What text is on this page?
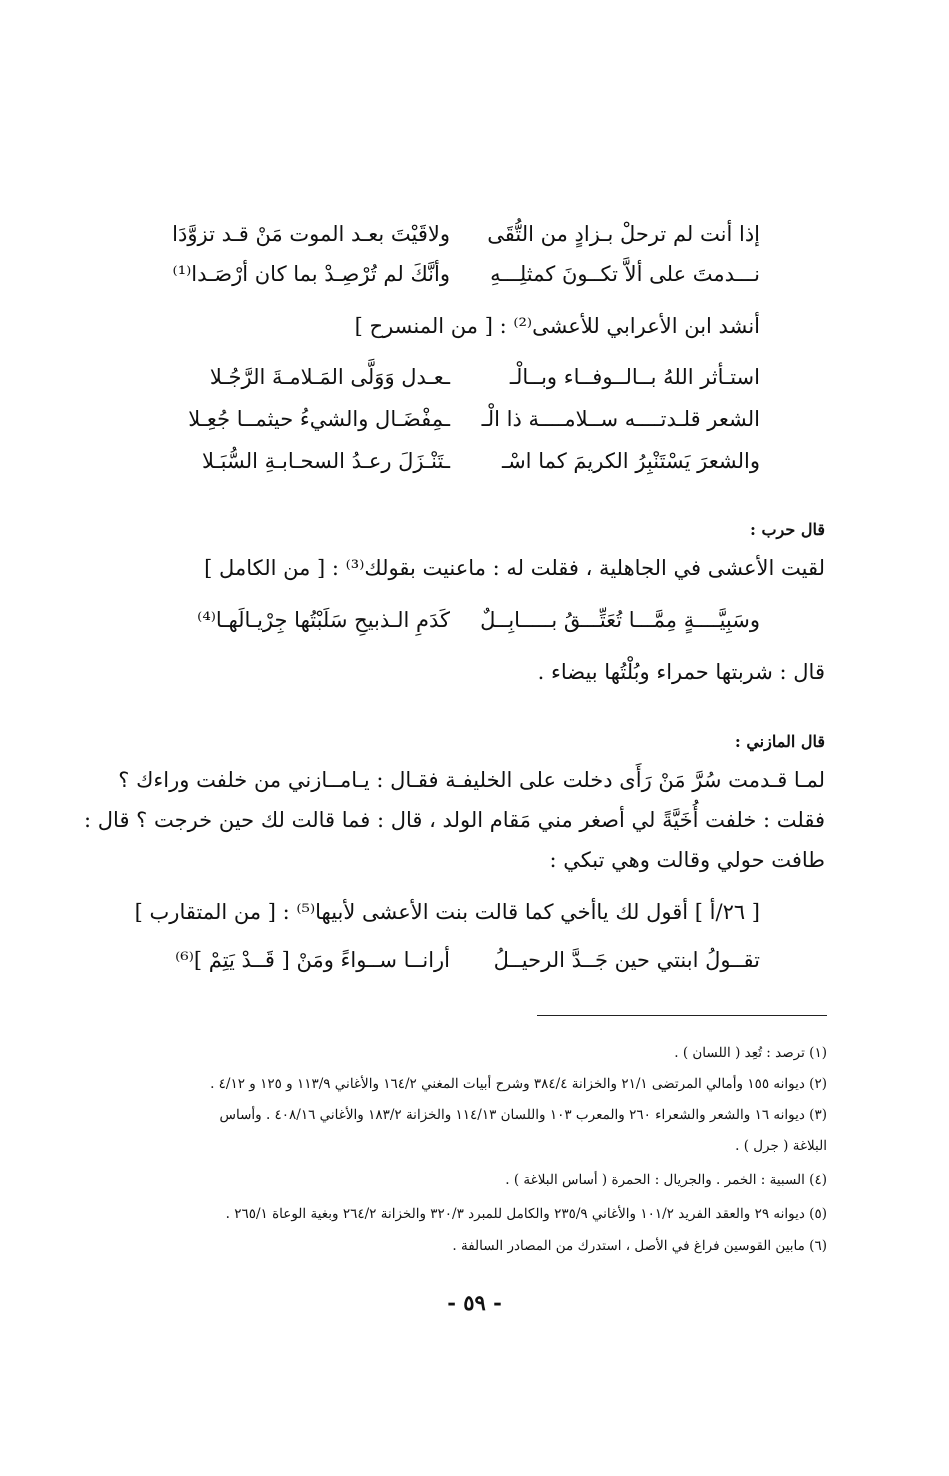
إذا أنت لم ترحلْ بـزادٍ من التُّقَى
ولاقَيْتَ بعـد الموت مَنْ قـد تزوَّدَا
نـــدمتَ على ألاَّ تكــونَ كمثلِـــهِ
وأنَّكَ لم تُرْصِـدْ بما كان أرْصَـدا⁽¹⁾
أنشد ابن الأعرابي للأعشى⁽²⁾ : [ من المنسرح ]
استـأثر اللهُ بــالــوفــاء وبــالْـ
ـعـدل وَوَلَّى المَـلامـةَ الرَّجُـلا
الشعر قلـدتــــه ســلامــــة ذا الْـ
ـمِفْضَـال والشيءُ حيثمــا جُعِـلا
والشعرَ يَسْتَنْبِرُ الكريمَ كما اسْـ
ـتَنْـزَلَ رعـدُ السحـابـةِ السُّبَـلا
قال حرب :
لقيت الأعشى في الجاهلية ، فقلت له : ماعنيت بقولك⁽³⁾ : [ من الكامل ]
وسَبِيَّــــةٍ مِمَّـــا تُعَتِّـــقُ بـــــابِــلٌ
كَدَمِ الـذبيحِ سَلَبْتُها جِرْيـالَهـا⁽⁴⁾
قال : شربتها حمراء وبُلْتُها بيضاء .
قال المازني :
لمـا قـدمت سُرَّ مَنْ رَأَى دخلت على الخليفـة فقـال : يـامــازني من خلفت وراءك ؟
فقلت : خلفت أُخَيَّةً لي أصغر مني مَقام الولد ، قال : فما قالت لك حين خرجت ؟ قال :
طافت حولي وقالت وهي تبكي :
[ ٢٦/أ ] أقول لك ياأخي كما قالت بنت الأعشى لأبيها⁽⁵⁾ : [ من المتقارب ]
تقــولُ ابنتي حين جَــدَّ الرحيــلُ
أرانــا ســواءً ومَنْ [ قَــدْ يَتِمْ ]⁽⁶⁾
(١) ترصد : تُعِد ( اللسان ) .
(٢) ديوانه ١٥٥ وأمالي المرتضى ٢١/١ والخزانة ٣٨٤/٤ وشرح أبيات المغني ١٦٤/٢ والأغاني ١١٣/٩ و ١٢٥ و ٤/١٢ .
(٣) ديوانه ١٦ والشعر والشعراء ٢٦٠ والمعرب ١٠٣ واللسان ١١٤/١٣ والخزانة ١٨٣/٢ والأغاني ٤٠٨/١٦ . وأساس
البلاغة ( جرل ) .
(٤) السبية : الخمر . والجريال : الحمرة ( أساس البلاغة ) .
(٥) ديوانه ٢٩ والعقد الفريد ١٠١/٢ والأغاني ٢٣٥/٩ والكامل للمبرد ٣٢٠/٣ والخزانة ٢٦٤/٢ وبغية الوعاة ٢٦٥/١ .
(٦) مابين القوسين فراغ في الأصل ، استدرك من المصادر السالفة .
- ٥٩ -
